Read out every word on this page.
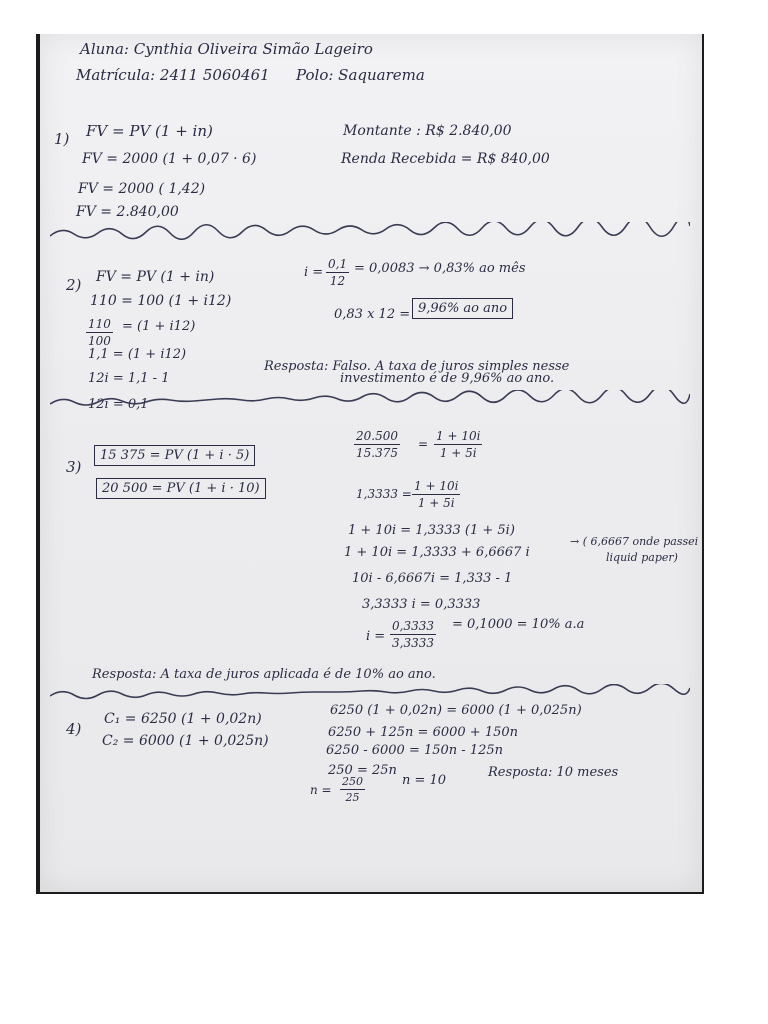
Aluna: Cynthia Oliveira Simão Lageiro
Matrícula: 2411 5060461 Polo: Saquarema
1) FV = PV (1 + in)
FV = 2000 (1 + 0,07 · 6)
FV = 2000 ( 1,42)
FV = 2.840,00
Montante : R$ 2.840,00
Renda Recebida = R$ 840,00
2) FV = PV (1 + in)
110 = 100 (1 + i12)
$\frac{110}{100} = (1 + i12)$
1,1 = (1 + i12)
12i = 1,1 - 1
12i = 0,1
$i = \frac{0,1}{12} = 0,0083 \to 0,83\%$ ao mês
0,83 x 12 = 9,96% ao ano
Resposta: Falso. A taxa de juros simples nesse
investimento é de 9,96% ao ano.
3)
15 375 = PV (1 + i · 5)
20 500 = PV (1 + i · 10)
$\frac{20.500}{15.375} = \frac{1 + 10i}{1 + 5i}$
$1,3333 = \frac{1 + 10i}{1 + 5i}$
1 + 10i = 1,3333 (1 + 5i)
1 + 10i = 1,3333 + 6,6667 i
→ ( 6,6667 onde passei
liquid paper)
10i - 6,6667i = 1,333 - 1
3,3333 i = 0,3333
$i = \frac{0,3333}{3,3333} = 0,1000 = 10\%$ a.a
Resposta: A taxa de juros aplicada é de 10% ao ano.
4)
C₁ = 6250 (1 + 0,02n)
C₂ = 6000 (1 + 0,025n)
6250 (1 + 0,02n) = 6000 (1 + 0,025n)
6250 + 125n = 6000 + 150n
6250 - 6000 = 150n - 125n
250 = 25n
$n = \frac{250}{25}$	n = 10
Resposta: 10 meses
